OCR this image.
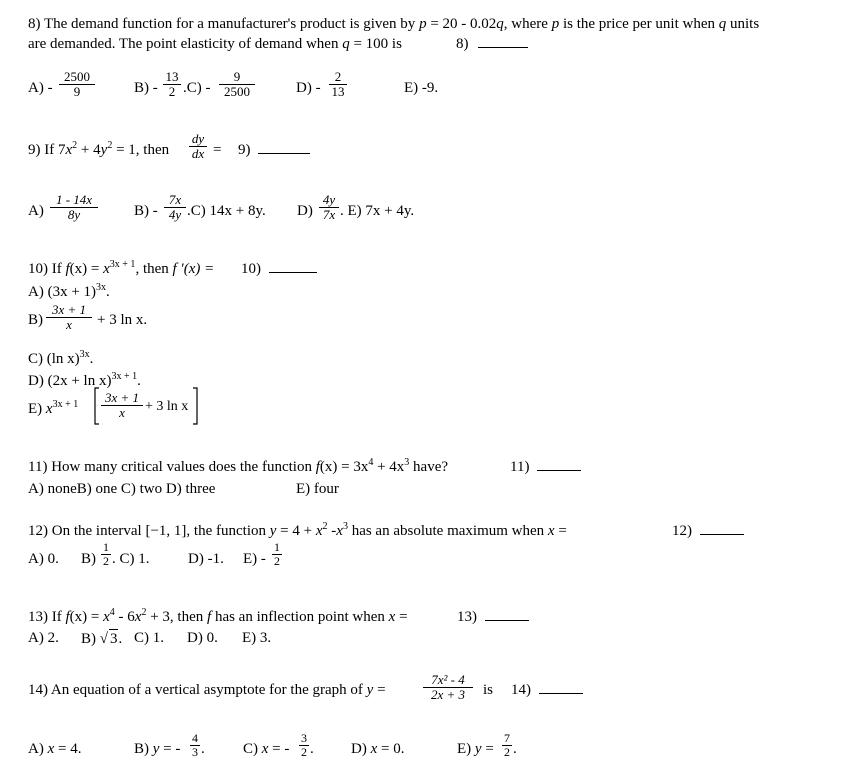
8) The demand function for a manufacturer's product is given by p = 20 - 0.02q, where p is the price per unit when q units
are demanded. The point elasticity of demand when q = 100 is	8)
$A) - \frac{2500}{9}$	$B) - \frac{13}{2} .C) - \frac{9}{2500}$	$D) - \frac{2}{13}$	E) -9.
9) If $7x^2 + 4y^2 = 1$, then $\frac{dy}{dx} = 9$)
$A) \frac{1 - 14x}{8y} B) - \frac{7x}{4y} .C$) 14x + 8y. $D) \frac{4y}{7x}$ . E) 7x + 4y.
10) If $f(x) = x^{3x + 1}$, then f ′(x) = 10)
A) $(3x + 1)^{3x}$.
$B) \frac{3x + 1}{x} + 3$ ln x.
C) (ln x)$^{3x}$.
D) $(2x + \ln x)^{3x + 1}$.
E) $x^{3x + 1} \frac{3x + 1}{x} + 3$ ln x
11) How many critical values does the function $f(x) = 3x^4 + 4x^3$ have?	11)
A) noneB) one C) two D) three	E) four
12) On the interval [−1, 1], the function $y = 4 + x^2$ $-x^3$ has an absolute maximum when x =	12)
A) 0. $B) \frac{1}{2}$ . C) 1.	D) -1. $E) - \frac{1}{2}$
13) If $f(x) = x^4 - 6x^2 + 3$, then f has an inflection point when x =	13)
A) 2. B) √ 3. C) 1. D) 0. E) 3.
14) An equation of a vertical asymptote for the graph of y =	$\frac{\text{7x² - 4}}{2x + 3}$ is 14)
A) x = 4.	B) y = - $\frac{4}{3}$ .	C) x = - $\frac{3}{2}$ . D) x = 0.	E) $y = \frac{7}{2}$ .
